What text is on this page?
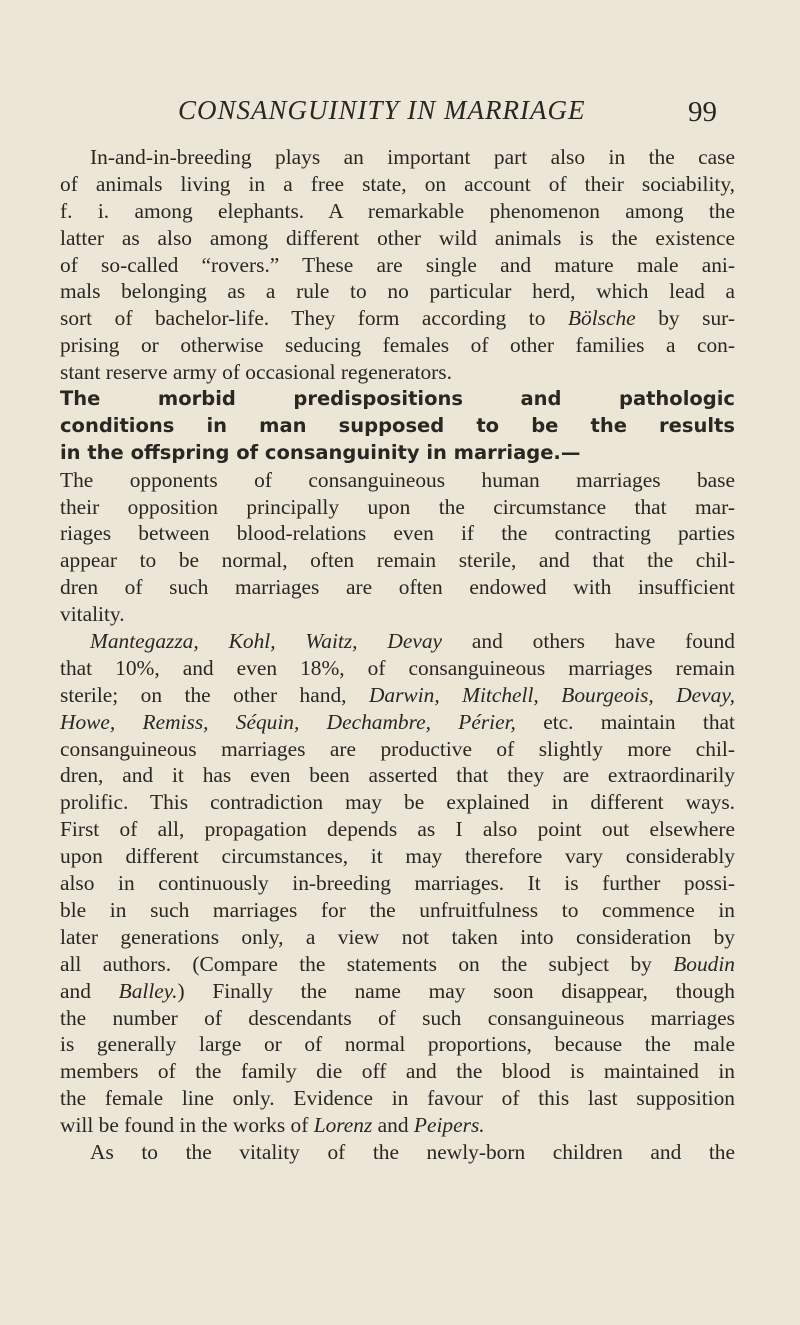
CONSANGUINITY IN MARRIAGE	99
In-and-in-breeding plays an important part also in the case
of animals living in a free state, on account of their sociability,
f. i. among elephants. A remarkable phenomenon among the
latter as also among different other wild animals is the existence
of so-called “rovers.” These are single and mature male ani-
mals belonging as a rule to no particular herd, which lead a
sort of bachelor-life. They form according to Bölsche by sur-
prising or otherwise seducing females of other families a con-
stant reserve army of occasional regenerators.
The morbid predispositions and pathologic
conditions in man supposed to be the results
in the offspring of consanguinity in marriage.—
The opponents of consanguineous human marriages base
their opposition principally upon the circumstance that mar-
riages between blood-relations even if the contracting parties
appear to be normal, often remain sterile, and that the chil-
dren of such marriages are often endowed with insufficient
vitality.
Mantegazza, Kohl, Waitz, Devay and others have found
that 10%, and even 18%, of consanguineous marriages remain
sterile; on the other hand, Darwin, Mitchell, Bourgeois, Devay,
Howe, Remiss, Séquin, Dechambre, Périer, etc. maintain that
consanguineous marriages are productive of slightly more chil-
dren, and it has even been asserted that they are extraordinarily
prolific. This contradiction may be explained in different ways.
First of all, propagation depends as I also point out elsewhere
upon different circumstances, it may therefore vary considerably
also in continuously in-breeding marriages. It is further possi-
ble in such marriages for the unfruitfulness to commence in
later generations only, a view not taken into consideration by
all authors. (Compare the statements on the subject by Boudin
and Balley.) Finally the name may soon disappear, though
the number of descendants of such consanguineous marriages
is generally large or of normal proportions, because the male
members of the family die off and the blood is maintained in
the female line only. Evidence in favour of this last supposition
will be found in the works of Lorenz and Peipers.
As to the vitality of the newly-born children and the
